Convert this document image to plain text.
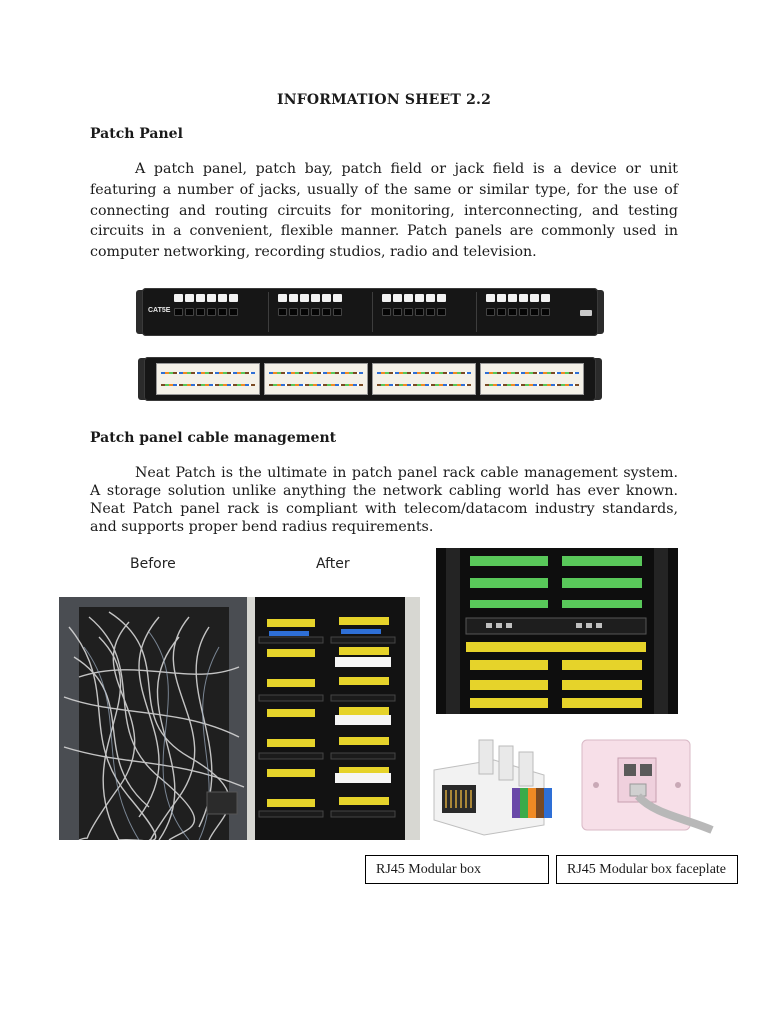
INFORMATION SHEET 2.2
Patch Panel

A patch panel, patch bay, patch field or jack field is a device or unit featuring a number of jacks, usually of the same or similar type, for the use of connecting and routing circuits for monitoring, interconnecting, and testing circuits in a convenient, flexible manner. Patch panels are commonly used in computer networking, recording studios, radio and television.

CAT5E
Patch panel cable management

Neat Patch is the ultimate in patch panel rack cable management system. A storage solution unlike anything the network cabling world has ever known. Neat Patch panel rack is compliant with telecom/datacom industry standards, and supports proper bend radius requirements.

Before	After
RJ45 Modular box	RJ45 Modular box faceplate
